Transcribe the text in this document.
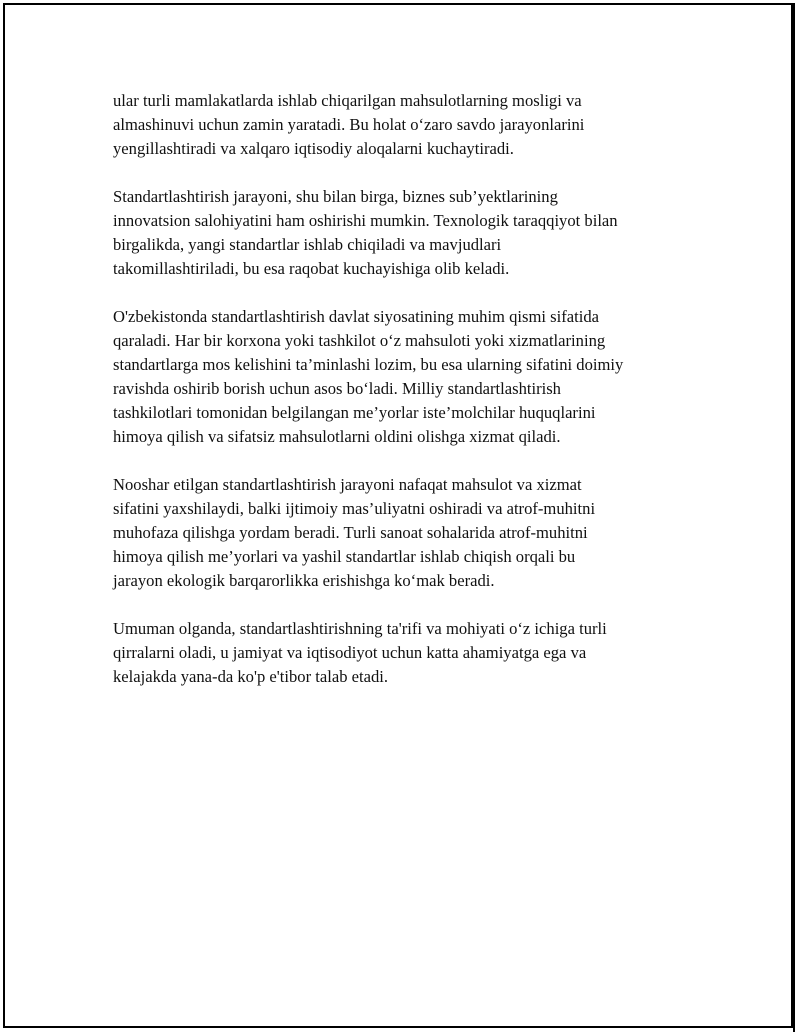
ular turli mamlakatlarda ishlab chiqarilgan mahsulotlarning mosligi va
almashinuvi uchun zamin yaratadi. Bu holat o‘zaro savdo jarayonlarini
yengillashtiradi va xalqaro iqtisodiy aloqalarni kuchaytiradi.

Standartlashtirish jarayoni, shu bilan birga, biznes sub’yektlarining
innovatsion salohiyatini ham oshirishi mumkin. Texnologik taraqqiyot bilan
birgalikda, yangi standartlar ishlab chiqiladi va mavjudlari
takomillashtiriladi, bu esa raqobat kuchayishiga olib keladi.

O'zbekistonda standartlashtirish davlat siyosatining muhim qismi sifatida
qaraladi. Har bir korxona yoki tashkilot o‘z mahsuloti yoki xizmatlarining
standartlarga mos kelishini ta’minlashi lozim, bu esa ularning sifatini doimiy
ravishda oshirib borish uchun asos bo‘ladi. Milliy standartlashtirish
tashkilotlari tomonidan belgilangan me’yorlar iste’molchilar huquqlarini
himoya qilish va sifatsiz mahsulotlarni oldini olishga xizmat qiladi.

Nooshar etilgan standartlashtirish jarayoni nafaqat mahsulot va xizmat
sifatini yaxshilaydi, balki ijtimoiy mas’uliyatni oshiradi va atrof-muhitni
muhofaza qilishga yordam beradi. Turli sanoat sohalarida atrof-muhitni
himoya qilish me’yorlari va yashil standartlar ishlab chiqish orqali bu
jarayon ekologik barqarorlikka erishishga ko‘mak beradi.

Umuman olganda, standartlashtirishning ta'rifi va mohiyati o‘z ichiga turli
qirralarni oladi, u jamiyat va iqtisodiyot uchun katta ahamiyatga ega va
kelajakda yana-da ko'p e'tibor talab etadi.
